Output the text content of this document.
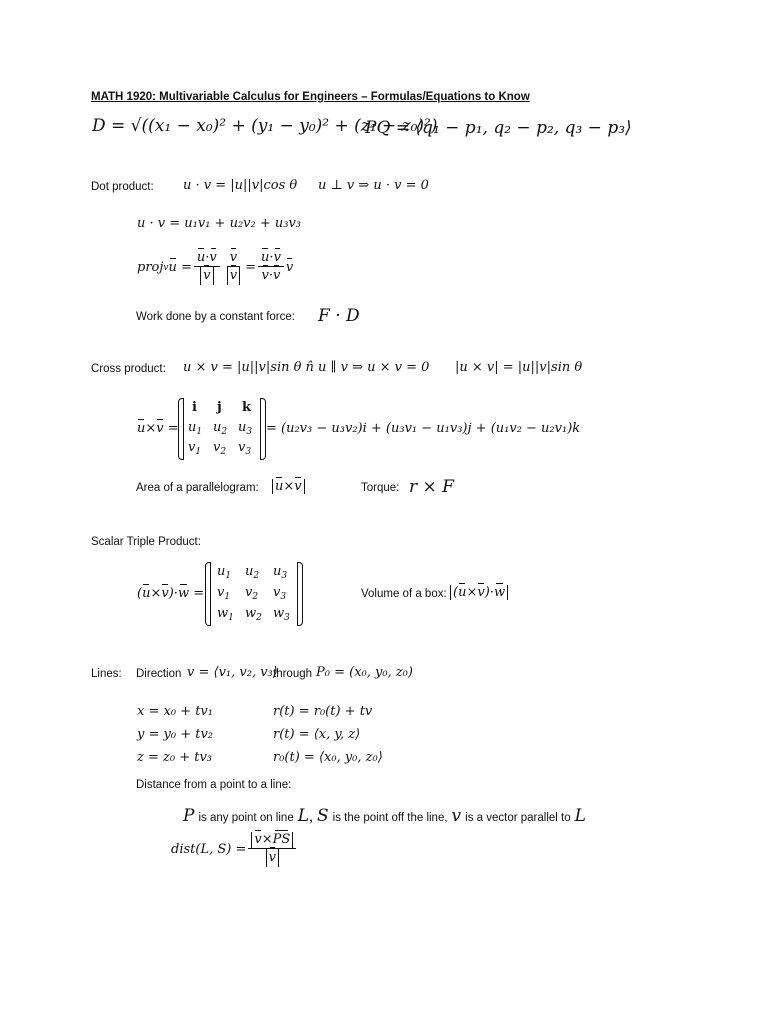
MATH 1920: Multivariable Calculus for Engineers – Formulas/Equations to Know
D = √((x₁ − x₀)² + (y₁ − y₀)² + (z₁ − z₀)²)
PQ = ⟨q₁ − p₁, q₂ − p₂, q₃ − p₃⟩
Dot product: u · v = |u||v|cos θ u ⊥ v ⇒ u · v = 0
u · v = u₁v₁ + u₂v₂ + u₃v₃
proj v $u = \frac{u\cdot v}{v} \frac{v}{v} = \frac{u\cdot v}{v\cdot v}$ v
Work done by a constant force: F · D
Cross product: u × v = |u||v|sin θ n̂ u ∥ v ⇒ u × v = 0 |u × v| = |u||v|sin θ
u×v =
i j k
$u_1$ $u_2$ $u_3$
$v_1$ $v_2$ $v_3$
= (u₂v₃ − u₃v₂)i + (u₃v₁ − u₁v₃)j + (u₁v₂ − u₂v₁)k
Area of a parallelogram: u×v	Torque: r × F
Scalar Triple Product:
(u×v)·w =
$u_1$ $u_2$ $u_3$
$v_1$ $v_2$ $v_3$
$w_1$ $w_2$ $w_3$
Volume of a box: (u×v)·w
Lines: Direction v = ⟨v₁, v₂, v₃⟩
through P₀ = (x₀, y₀, z₀)
x = x₀ + tv₁
y = y₀ + tv₂
z = z₀ + tv₃
r(t) = r₀(t) + tv
r(t) = ⟨x, y, z⟩
r₀(t) = ⟨x₀, y₀, z₀⟩
Distance from a point to a line:
P is any point on line L, S is the point off the line, v is a vector parallel to L
dist(L, $S) = \frac{v\times PS}{v}$
